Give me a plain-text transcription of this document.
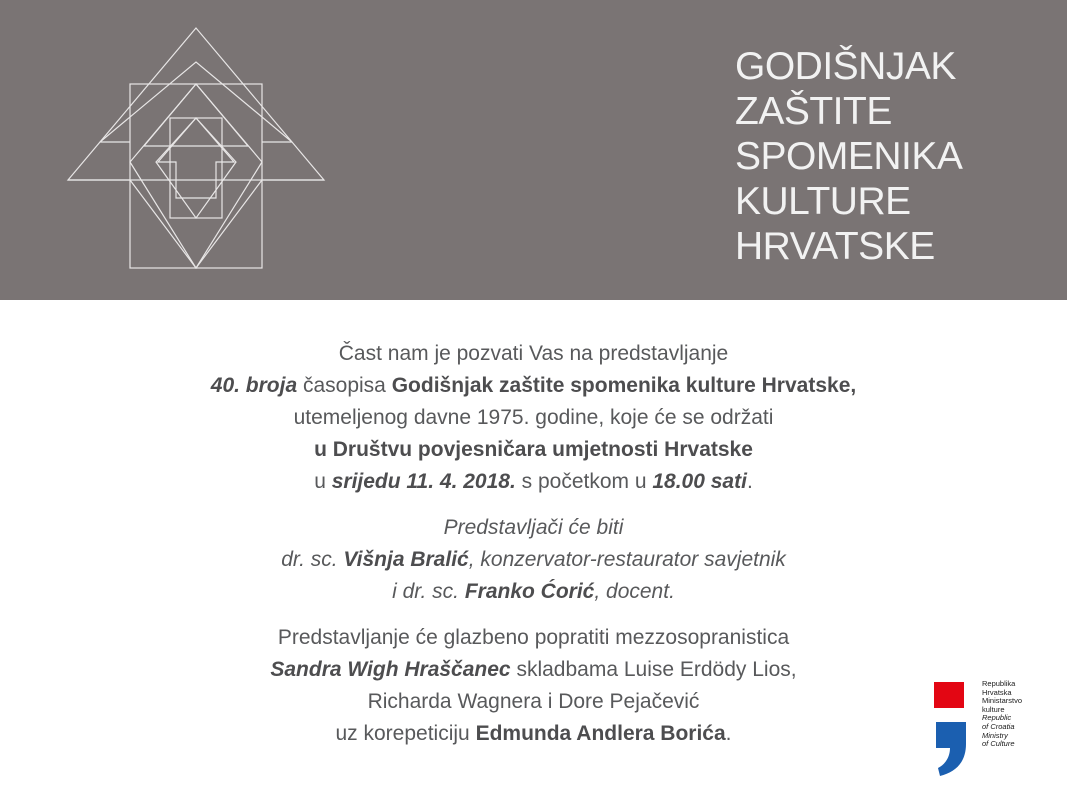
GODIŠNJAK
ZAŠTITE
SPOMENIKA
KULTURE
HRVATSKE

Čast nam je pozvati Vas na predstavljanje

40. broja časopisa Godišnjak zaštite spomenika kulture Hrvatske,

utemeljenog davne 1975. godine, koje će se održati

u Društvu povjesničara umjetnosti Hrvatske

u srijedu 11. 4. 2018. s početkom u 18.00 sati.

Predstavljači će biti

dr. sc. Višnja Bralić, konzervator-restaurator savjetnik

i dr. sc. Franko Ćorić, docent.

Predstavljanje će glazbeno popratiti mezzosopranistica

Sandra Wigh Hraščanec skladbama Luise Erdödy Lios,

Richarda Wagnera i Dore Pejačević

uz korepeticiju Edmunda Andlera Borića.

Republika
Hrvatska
Ministarstvo
kulture
Republic
of Croatia
Ministry
of Culture
